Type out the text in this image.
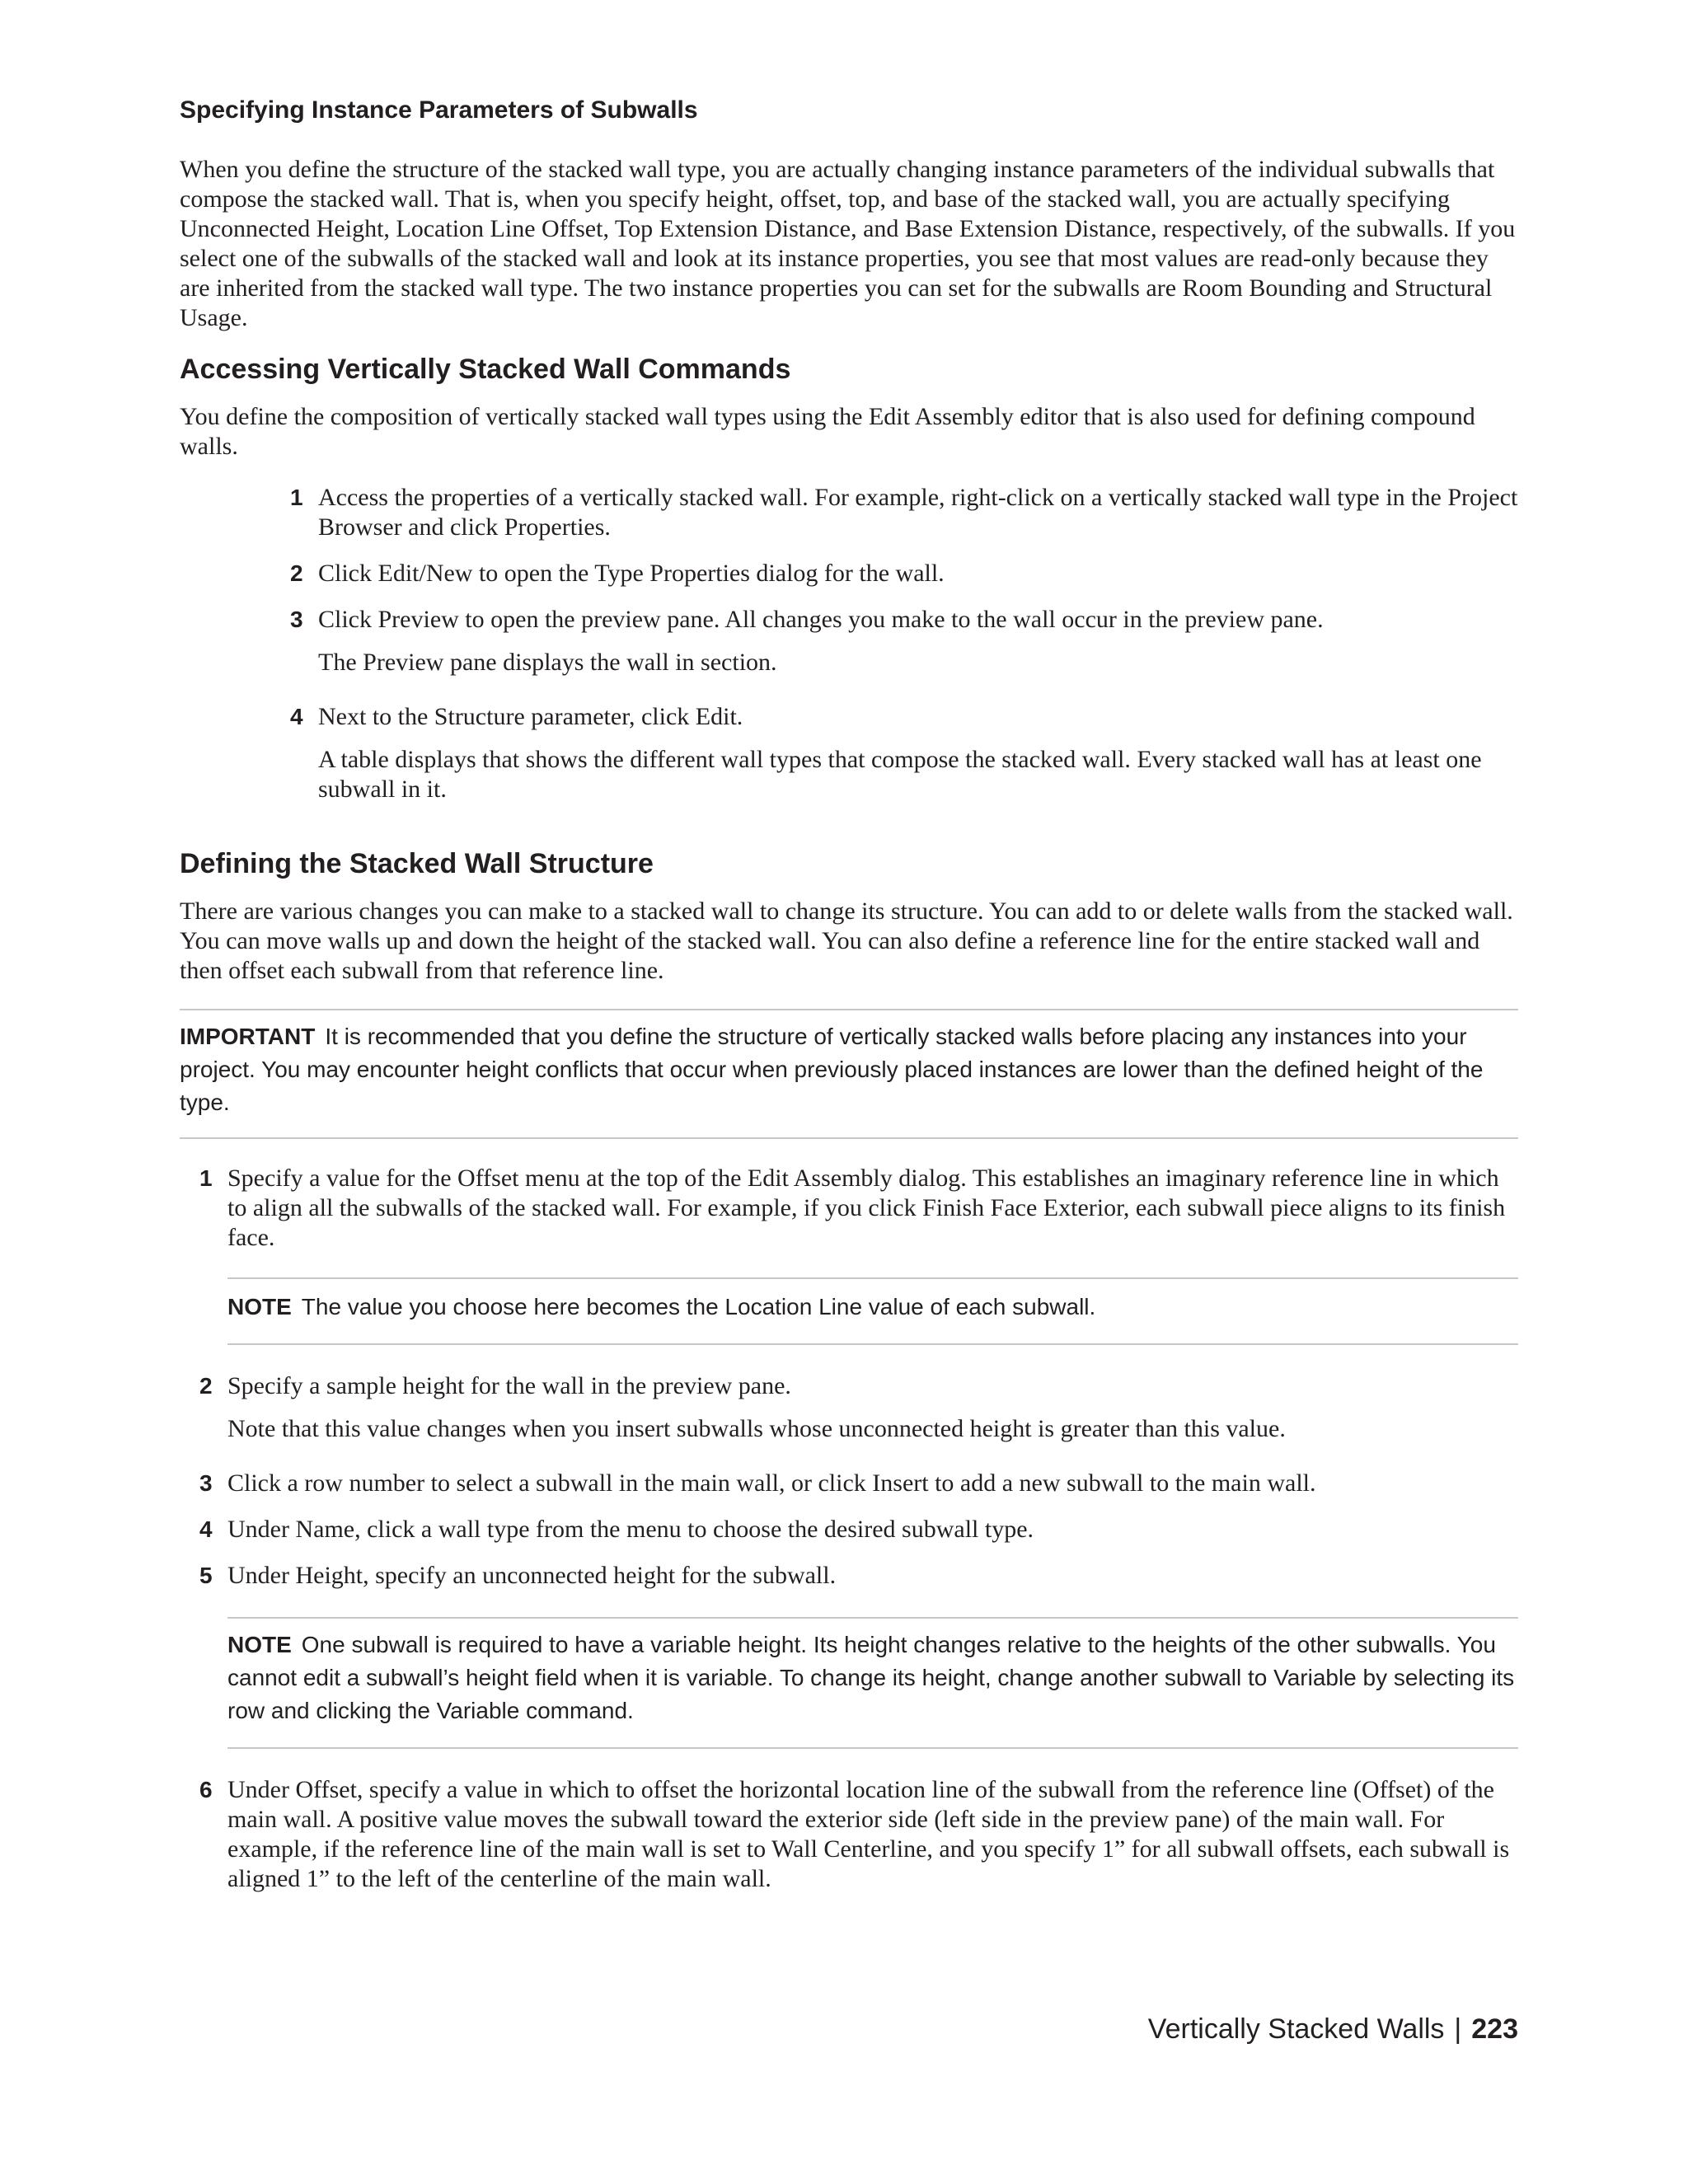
Specifying Instance Parameters of Subwalls

When you define the structure of the stacked wall type, you are actually changing instance parameters of the individual subwalls that compose the stacked wall. That is, when you specify height, offset, top, and base of the stacked wall, you are actually specifying Unconnected Height, Location Line Offset, Top Extension Distance, and Base Extension Distance, respectively, of the subwalls. If you select one of the subwalls of the stacked wall and look at its instance properties, you see that most values are read-only because they are inherited from the stacked wall type. The two instance properties you can set for the subwalls are Room Bounding and Structural Usage.

Accessing Vertically Stacked Wall Commands

You define the composition of vertically stacked wall types using the Edit Assembly editor that is also used for defining compound walls.

1 Access the properties of a vertically stacked wall. For example, right-click on a vertically stacked wall type in the Project Browser and click Properties.
2 Click Edit/New to open the Type Properties dialog for the wall.
3 Click Preview to open the preview pane. All changes you make to the wall occur in the preview pane.

The Preview pane displays the wall in section.

4 Next to the Structure parameter, click Edit.

A table displays that shows the different wall types that compose the stacked wall. Every stacked wall has at least one subwall in it.

Defining the Stacked Wall Structure

There are various changes you can make to a stacked wall to change its structure. You can add to or delete walls from the stacked wall. You can move walls up and down the height of the stacked wall. You can also define a reference line for the entire stacked wall and then offset each subwall from that reference line.

IMPORTANT It is recommended that you define the structure of vertically stacked walls before placing any instances into your project. You may encounter height conflicts that occur when previously placed instances are lower than the defined height of the type.

1 Specify a value for the Offset menu at the top of the Edit Assembly dialog. This establishes an imaginary reference line in which to align all the subwalls of the stacked wall. For example, if you click Finish Face Exterior, each subwall piece aligns to its finish face.

NOTE The value you choose here becomes the Location Line value of each subwall.

2 Specify a sample height for the wall in the preview pane.

Note that this value changes when you insert subwalls whose unconnected height is greater than this value.

3 Click a row number to select a subwall in the main wall, or click Insert to add a new subwall to the main wall.
4 Under Name, click a wall type from the menu to choose the desired subwall type.
5 Under Height, specify an unconnected height for the subwall.

NOTE One subwall is required to have a variable height. Its height changes relative to the heights of the other subwalls. You cannot edit a subwall’s height field when it is variable. To change its height, change another subwall to Variable by selecting its row and clicking the Variable command.

6 Under Offset, specify a value in which to offset the horizontal location line of the subwall from the reference line (Offset) of the main wall. A positive value moves the subwall toward the exterior side (left side in the preview pane) of the main wall. For example, if the reference line of the main wall is set to Wall Centerline, and you specify 1” for all subwall offsets, each subwall is aligned 1” to the left of the centerline of the main wall.
Vertically Stacked Walls | 223
